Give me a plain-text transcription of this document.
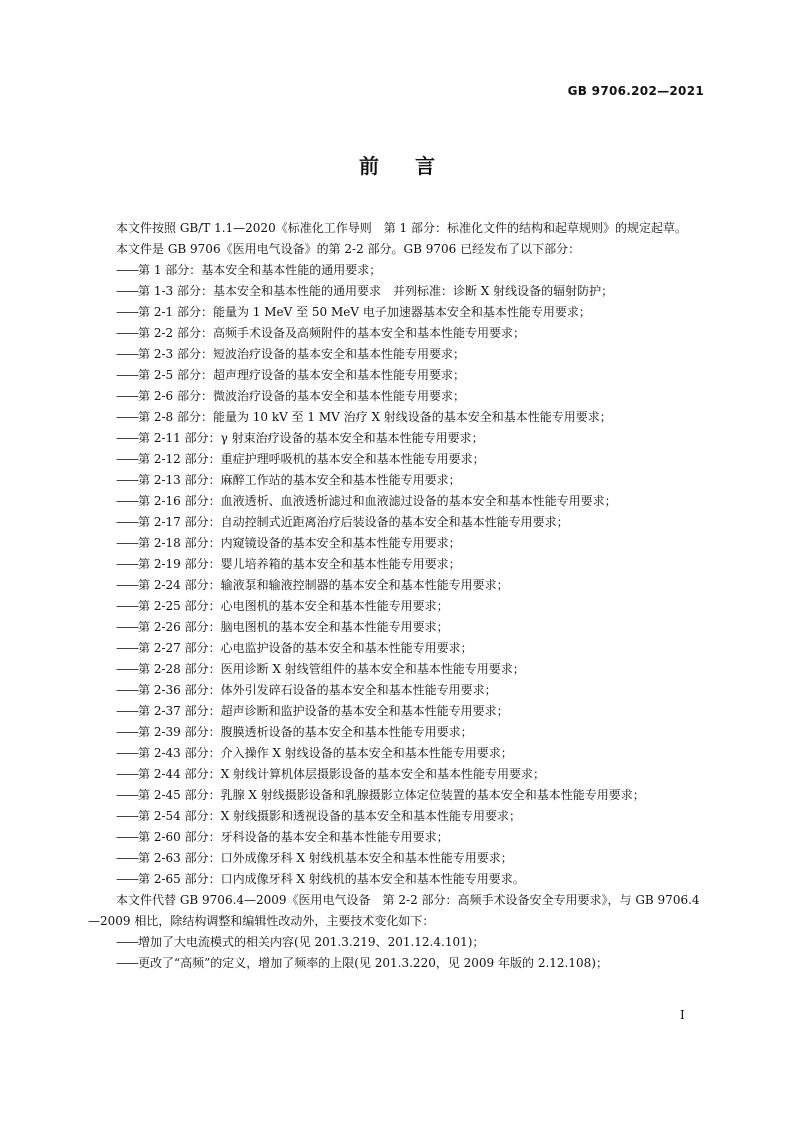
GB 9706.202—2021
前言

本文件按照 GB/T 1.1—2020《标准化工作导则　第 1 部分：标准化文件的结构和起草规则》的规定起草。

本文件是 GB 9706《医用电气设备》的第 2-2 部分。GB 9706 已经发布了以下部分：

——第 1 部分：基本安全和基本性能的通用要求；

——第 1-3 部分：基本安全和基本性能的通用要求　并列标准：诊断 X 射线设备的辐射防护；

——第 2-1 部分：能量为 1 MeV 至 50 MeV 电子加速器基本安全和基本性能专用要求；

——第 2-2 部分：高频手术设备及高频附件的基本安全和基本性能专用要求；

——第 2-3 部分：短波治疗设备的基本安全和基本性能专用要求；

——第 2-5 部分：超声理疗设备的基本安全和基本性能专用要求；

——第 2-6 部分：微波治疗设备的基本安全和基本性能专用要求；

——第 2-8 部分：能量为 10 kV 至 1 MV 治疗 X 射线设备的基本安全和基本性能专用要求；

——第 2-11 部分：γ 射束治疗设备的基本安全和基本性能专用要求；

——第 2-12 部分：重症护理呼吸机的基本安全和基本性能专用要求；

——第 2-13 部分：麻醉工作站的基本安全和基本性能专用要求；

——第 2-16 部分：血液透析、血液透析滤过和血液滤过设备的基本安全和基本性能专用要求；

——第 2-17 部分：自动控制式近距离治疗后装设备的基本安全和基本性能专用要求；

——第 2-18 部分：内窥镜设备的基本安全和基本性能专用要求；

——第 2-19 部分：婴儿培养箱的基本安全和基本性能专用要求；

——第 2-24 部分：输液泵和输液控制器的基本安全和基本性能专用要求；

——第 2-25 部分：心电图机的基本安全和基本性能专用要求；

——第 2-26 部分：脑电图机的基本安全和基本性能专用要求；

——第 2-27 部分：心电监护设备的基本安全和基本性能专用要求；

——第 2-28 部分：医用诊断 X 射线管组件的基本安全和基本性能专用要求；

——第 2-36 部分：体外引发碎石设备的基本安全和基本性能专用要求；

——第 2-37 部分：超声诊断和监护设备的基本安全和基本性能专用要求；

——第 2-39 部分：腹膜透析设备的基本安全和基本性能专用要求；

——第 2-43 部分：介入操作 X 射线设备的基本安全和基本性能专用要求；

——第 2-44 部分：X 射线计算机体层摄影设备的基本安全和基本性能专用要求；

——第 2-45 部分：乳腺 X 射线摄影设备和乳腺摄影立体定位装置的基本安全和基本性能专用要求；

——第 2-54 部分：X 射线摄影和透视设备的基本安全和基本性能专用要求；

——第 2-60 部分：牙科设备的基本安全和基本性能专用要求；

——第 2-63 部分：口外成像牙科 X 射线机基本安全和基本性能专用要求；

——第 2-65 部分：口内成像牙科 X 射线机的基本安全和基本性能专用要求。

本文件代替 GB 9706.4—2009《医用电气设备　第 2-2 部分：高频手术设备安全专用要求》，与 GB 9706.4—2009 相比，除结构调整和编辑性改动外，主要技术变化如下：

——增加了大电流模式的相关内容(见 201.3.219、201.12.4.101)；

——更改了“高频”的定义，增加了频率的上限(见 201.3.220，见 2009 年版的 2.12.108)；

I
